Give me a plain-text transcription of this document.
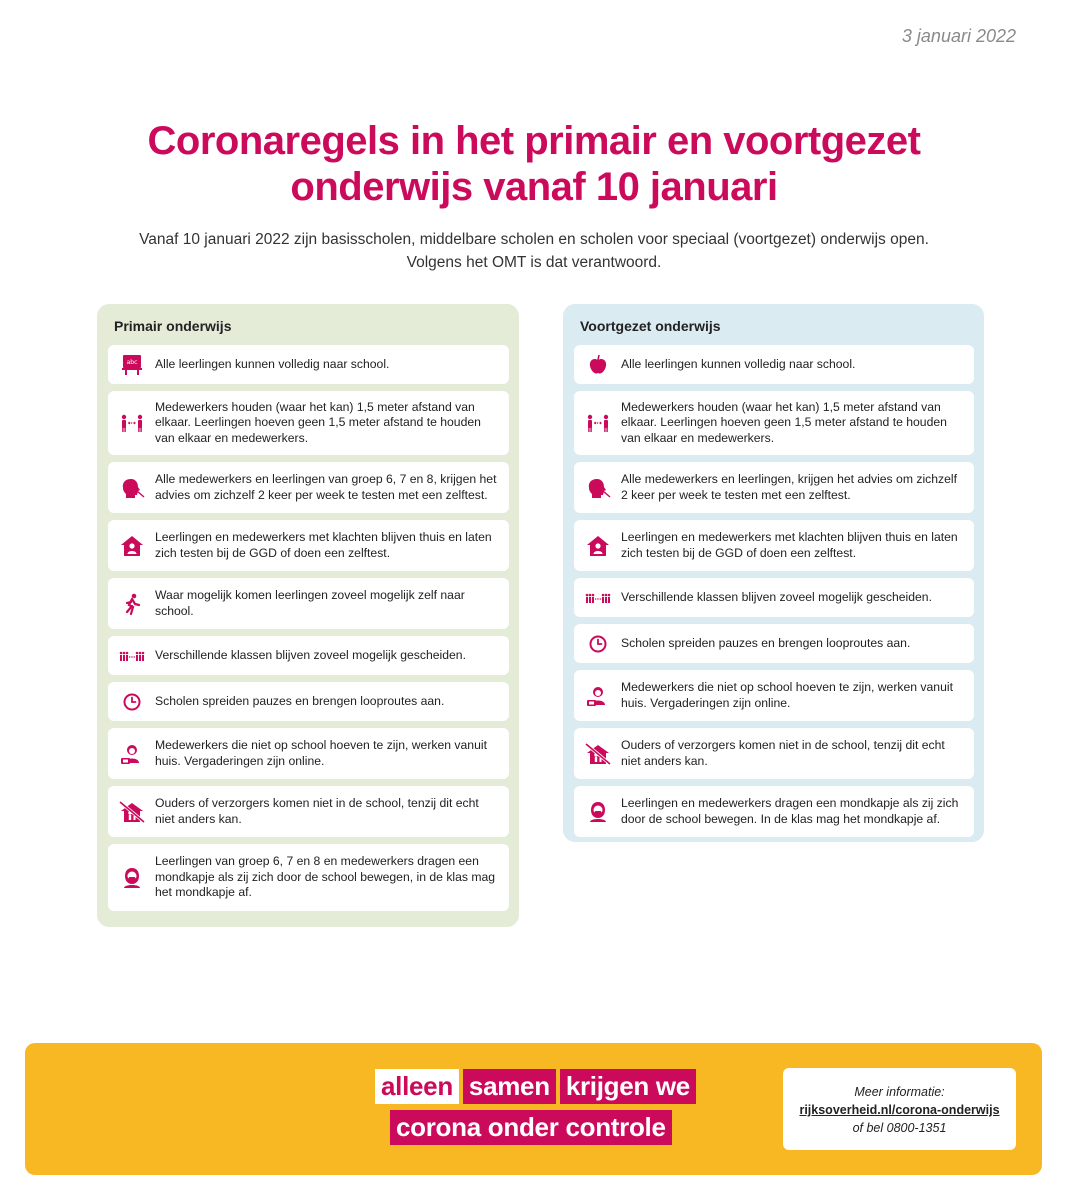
3 januari 2022
Coronaregels in het primair en voortgezet
onderwijs vanaf 10 januari
Vanaf 10 januari 2022 zijn basisscholen, middelbare scholen en scholen voor speciaal (voortgezet) onderwijs open.
Volgens het OMT is dat verantwoord.
Primair onderwijs
abc Alle leerlingen kunnen volledig naar school.
Medewerkers houden (waar het kan) 1,5 meter afstand van elkaar. Leerlingen hoeven geen 1,5 meter afstand te houden van elkaar en medewerkers.
Alle medewerkers en leerlingen van groep 6, 7 en 8, krijgen het advies om zichzelf 2 keer per week te testen met een zelftest.
Leerlingen en medewerkers met klachten blijven thuis en laten zich testen bij de GGD of doen een zelftest.
Waar mogelijk komen leerlingen zoveel mogelijk zelf naar school.
Verschillende klassen blijven zoveel mogelijk gescheiden.
Scholen spreiden pauzes en brengen looproutes aan.
Medewerkers die niet op school hoeven te zijn, werken vanuit huis. Vergaderingen zijn online.
Ouders of verzorgers komen niet in de school, tenzij dit echt niet anders kan.
Leerlingen van groep 6, 7 en 8 en medewerkers dragen een mondkapje als zij zich door de school bewegen, in de klas mag het mondkapje af.
Voortgezet onderwijs
Alle leerlingen kunnen volledig naar school.
Medewerkers houden (waar het kan) 1,5 meter afstand van elkaar. Leerlingen hoeven geen 1,5 meter afstand te houden van elkaar en medewerkers.
Alle medewerkers en leerlingen, krijgen het advies om zichzelf 2 keer per week te testen met een zelftest.
Leerlingen en medewerkers met klachten blijven thuis en laten zich testen bij de GGD of doen een zelftest.
Verschillende klassen blijven zoveel mogelijk gescheiden.
Scholen spreiden pauzes en brengen looproutes aan.
Medewerkers die niet op school hoeven te zijn, werken vanuit huis. Vergaderingen zijn online.
Ouders of verzorgers komen niet in de school, tenzij dit echt niet anders kan.
Leerlingen en medewerkers dragen een mondkapje als zij zich door de school bewegen. In de klas mag het mondkapje af.
alleen samen krijgen we
corona onder controle
Meer informatie:
rijksoverheid.nl/corona-onderwijs
of bel 0800-1351
